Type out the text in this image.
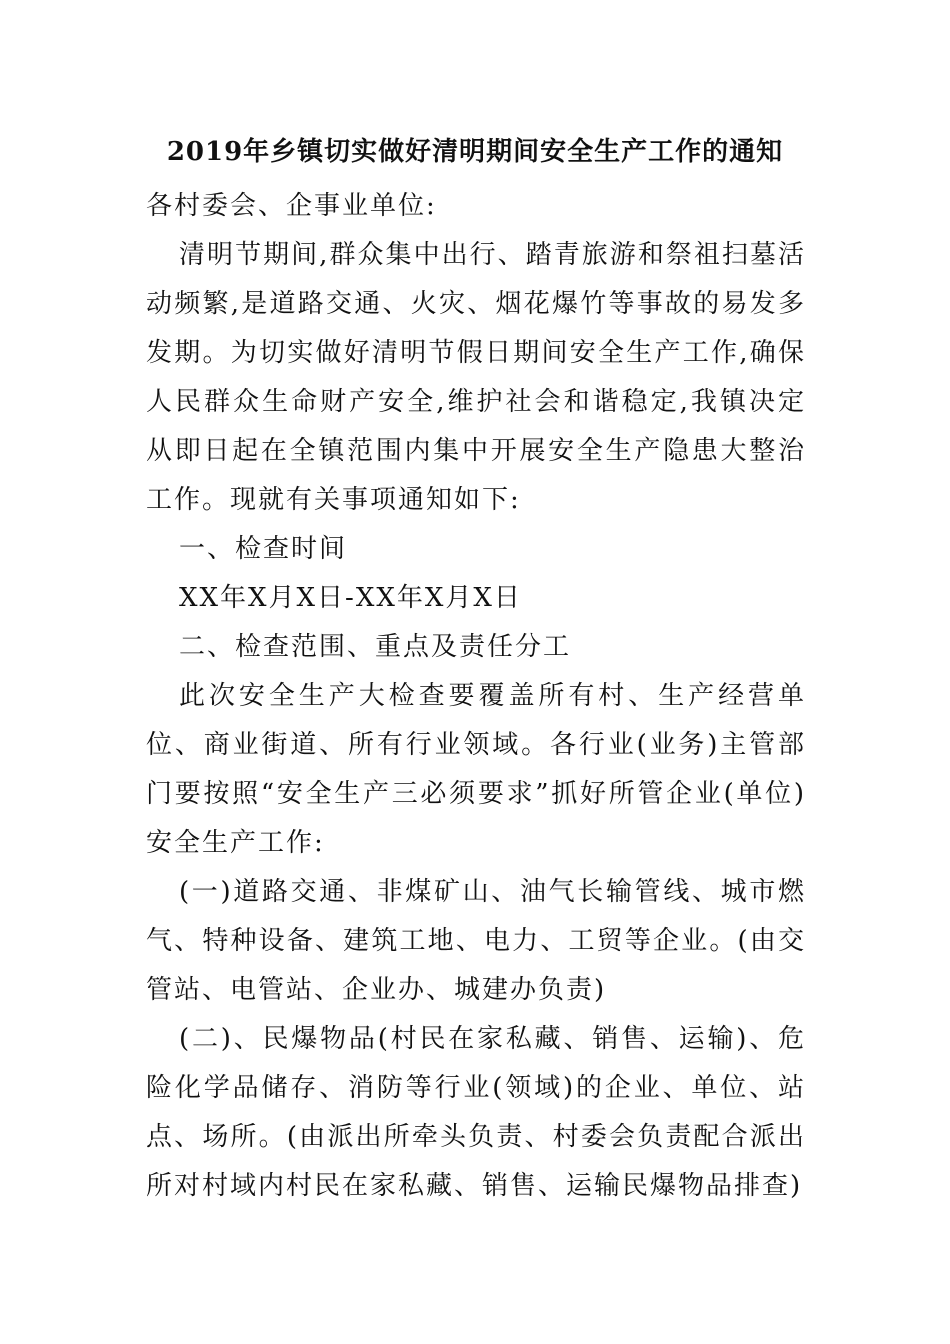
2019年乡镇切实做好清明期间安全生产工作的通知

各村委会、企事业单位:

清明节期间,群众集中出行、踏青旅游和祭祖扫墓活动频繁,是道路交通、火灾、烟花爆竹等事故的易发多发期。为切实做好清明节假日期间安全生产工作,确保人民群众生命财产安全,维护社会和谐稳定,我镇决定从即日起在全镇范围内集中开展安全生产隐患大整治工作。现就有关事项通知如下:

一、检查时间

XX年X月X日-XX年X月X日

二、检查范围、重点及责任分工

此次安全生产大检查要覆盖所有村、生产经营单位、商业街道、所有行业领域。各行业(业务)主管部门要按照“安全生产三必须要求”抓好所管企业(单位)安全生产工作:

(一)道路交通、非煤矿山、油气长输管线、城市燃气、特种设备、建筑工地、电力、工贸等企业。(由交管站、电管站、企业办、城建办负责)

(二)、民爆物品(村民在家私藏、销售、运输)、危险化学品储存、消防等行业(领域)的企业、单位、站点、场所。(由派出所牵头负责、村委会负责配合派出所对村域内村民在家私藏、销售、运输民爆物品排查)
